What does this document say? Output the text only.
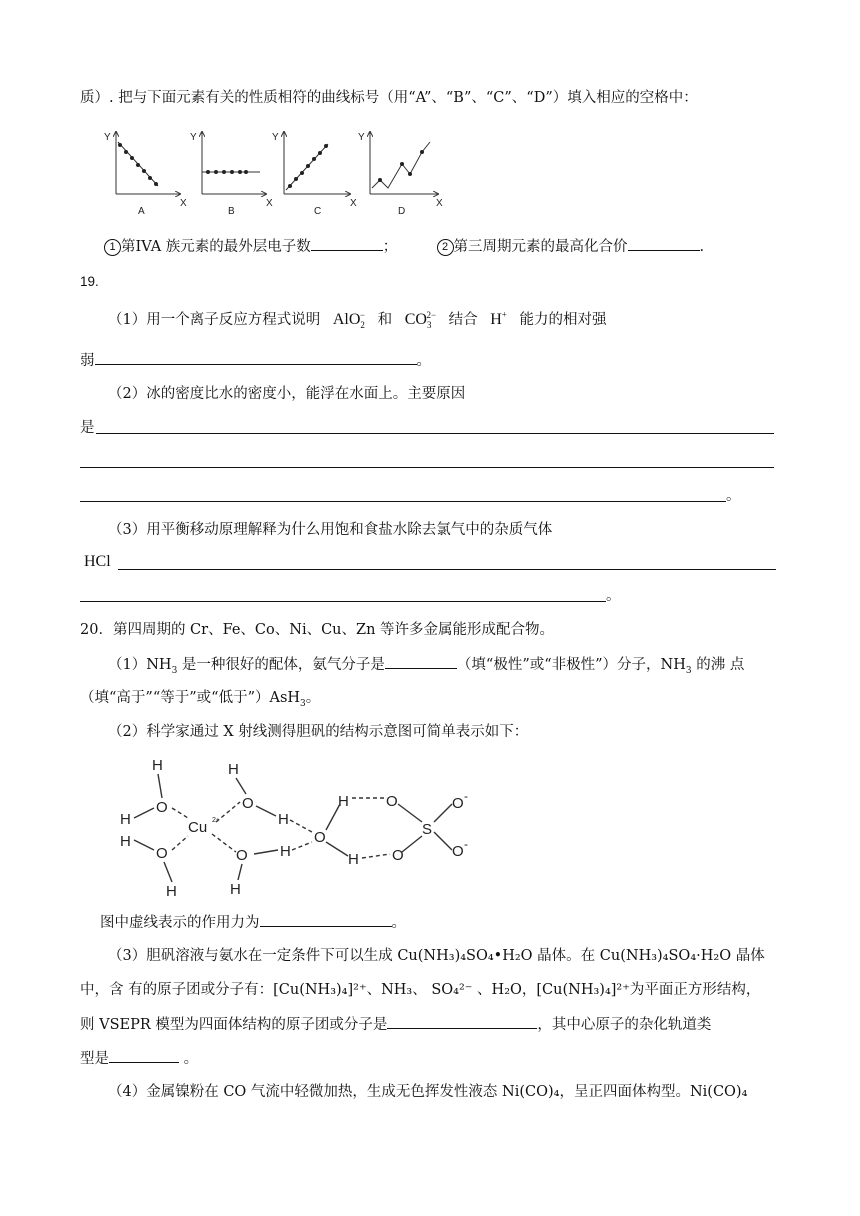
质）. 把与下面元素有关的性质相符的曲线标号（用“A”、“B”、“C”、“D”）填入相应的空格中：
Y
X
A
Y
X
B
Y
X
C
Y
X
D
1 第IVA 族元素的最外层电子数	；	2 第三周期元素的最高化合价	.
19.
（1）用一个离子反应方程式说明 AlO$_2$− 和 $CO_3^{2-}$ 结合 H+ 能力的相对强
弱	。
（2）冰的密度比水的密度小，能浮在水面上。主要原因
是
。
（3）用平衡移动原理解释为什么用饱和食盐水除去氯气中的杂质气体
HCl
。
20．第四周期的 Cr、Fe、Co、Ni、Cu、Zn 等许多金属能形成配合物。
$(1)NH_3$ 是一种很好的配体，氨气分子是	（填“极性”或“非极性”）分子，$NH_3$ 的沸 点
（填“高于”“等于”或“低于”）AsH$_3$。
（2）科学家通过 X 射线测得胆矾的结构示意图可简单表示如下：
H
H
O
Cu 2+
H
O
H
H
O
H
O
H
H
O
H O
H O
S
O
O
-
-
图中虚线表示的作用力为	。
（3）胆矾溶液与氨水在一定条件下可以生成 Cu(NH₃)₄SO₄•H₂O 晶体。在 Cu(NH₃)₄SO₄·H₂O 晶体
中，含 有的原子团或分子有：[Cu(NH₃)₄]²⁺、NH₃、 SO₄²⁻ 、H₂O，[Cu(NH₃)₄]²⁺为平面正方形结构，
则 VSEPR 模型为四面体结构的原子团或分子是	，其中心原子的杂化轨道类
型是	。
（4）金属镍粉在 CO 气流中轻微加热，生成无色挥发性液态 Ni(CO)₄，呈正四面体构型。Ni(CO)₄
